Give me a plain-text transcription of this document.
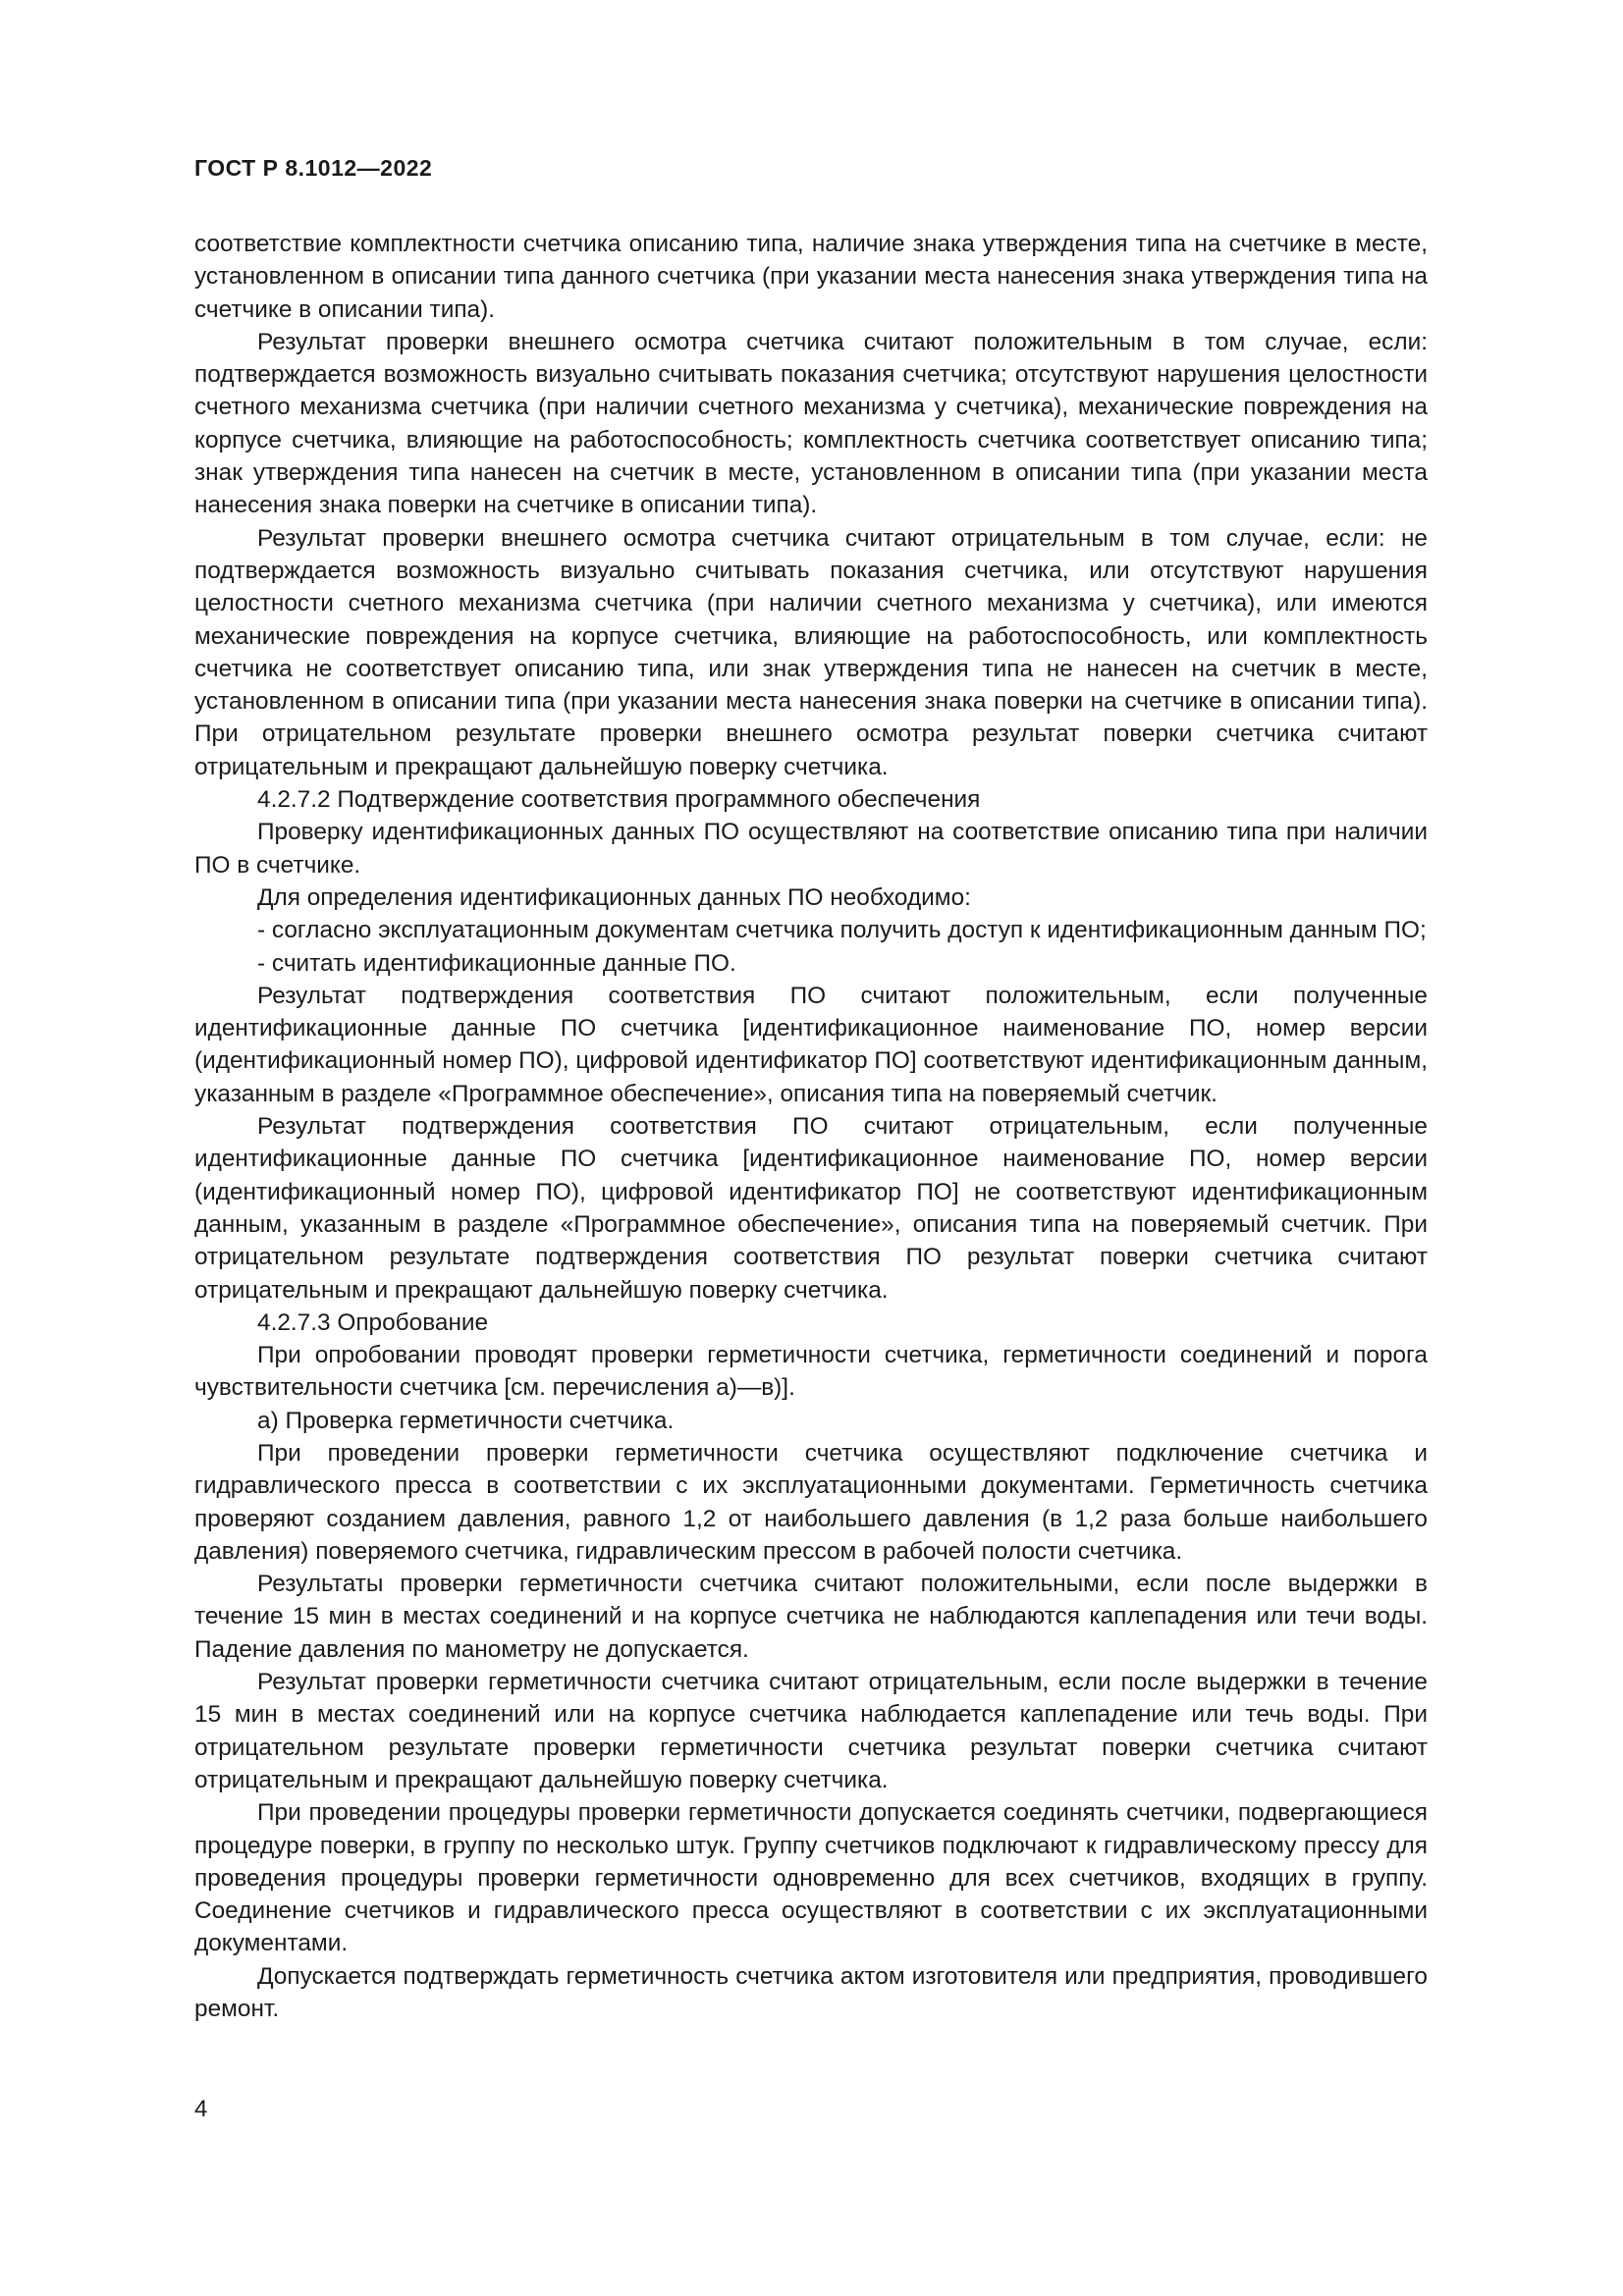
ГОСТ Р 8.1012—2022

соответствие комплектности счетчика описанию типа, наличие знака утверждения типа на счетчике в месте, установленном в описании типа данного счетчика (при указании места нанесения знака утверждения типа на счетчике в описании типа).

Результат проверки внешнего осмотра счетчика считают положительным в том случае, если: подтверждается возможность визуально считывать показания счетчика; отсутствуют нарушения целостности счетного механизма счетчика (при наличии счетного механизма у счетчика), механические повреждения на корпусе счетчика, влияющие на работоспособность; комплектность счетчика соответствует описанию типа; знак утверждения типа нанесен на счетчик в месте, установленном в описании типа (при указании места нанесения знака поверки на счетчике в описании типа).

Результат проверки внешнего осмотра счетчика считают отрицательным в том случае, если: не подтверждается возможность визуально считывать показания счетчика, или отсутствуют нарушения целостности счетного механизма счетчика (при наличии счетного механизма у счетчика), или имеются механические повреждения на корпусе счетчика, влияющие на работоспособность, или комплектность счетчика не соответствует описанию типа, или знак утверждения типа не нанесен на счетчик в месте, установленном в описании типа (при указании места нанесения знака поверки на счетчике в описании типа). При отрицательном результате проверки внешнего осмотра результат поверки счетчика считают отрицательным и прекращают дальнейшую поверку счетчика.

4.2.7.2 Подтверждение соответствия программного обеспечения

Проверку идентификационных данных ПО осуществляют на соответствие описанию типа при наличии ПО в счетчике.

Для определения идентификационных данных ПО необходимо:

- согласно эксплуатационным документам счетчика получить доступ к идентификационным данным ПО;

- считать идентификационные данные ПО.

Результат подтверждения соответствия ПО считают положительным, если полученные идентификационные данные ПО счетчика [идентификационное наименование ПО, номер версии (идентификационный номер ПО), цифровой идентификатор ПО] соответствуют идентификационным данным, указанным в разделе «Программное обеспечение», описания типа на поверяемый счетчик.

Результат подтверждения соответствия ПО считают отрицательным, если полученные идентификационные данные ПО счетчика [идентификационное наименование ПО, номер версии (идентификационный номер ПО), цифровой идентификатор ПО] не соответствуют идентификационным данным, указанным в разделе «Программное обеспечение», описания типа на поверяемый счетчик. При отрицательном результате подтверждения соответствия ПО результат поверки счетчика считают отрицательным и прекращают дальнейшую поверку счетчика.

4.2.7.3 Опробование

При опробовании проводят проверки герметичности счетчика, герметичности соединений и порога чувствительности счетчика [см. перечисления а)—в)].

а) Проверка герметичности счетчика.

При проведении проверки герметичности счетчика осуществляют подключение счетчика и гидравлического пресса в соответствии с их эксплуатационными документами. Герметичность счетчика проверяют созданием давления, равного 1,2 от наибольшего давления (в 1,2 раза больше наибольшего давления) поверяемого счетчика, гидравлическим прессом в рабочей полости счетчика.

Результаты проверки герметичности счетчика считают положительными, если после выдержки в течение 15 мин в местах соединений и на корпусе счетчика не наблюдаются каплепадения или течи воды. Падение давления по манометру не допускается.

Результат проверки герметичности счетчика считают отрицательным, если после выдержки в течение 15 мин в местах соединений или на корпусе счетчика наблюдается каплепадение или течь воды. При отрицательном результате проверки герметичности счетчика результат поверки счетчика считают отрицательным и прекращают дальнейшую поверку счетчика.

При проведении процедуры проверки герметичности допускается соединять счетчики, подвергающиеся процедуре поверки, в группу по несколько штук. Группу счетчиков подключают к гидравлическому прессу для проведения процедуры проверки герметичности одновременно для всех счетчиков, входящих в группу. Соединение счетчиков и гидравлического пресса осуществляют в соответствии с их эксплуатационными документами.

Допускается подтверждать герметичность счетчика актом изготовителя или предприятия, проводившего ремонт.

4
